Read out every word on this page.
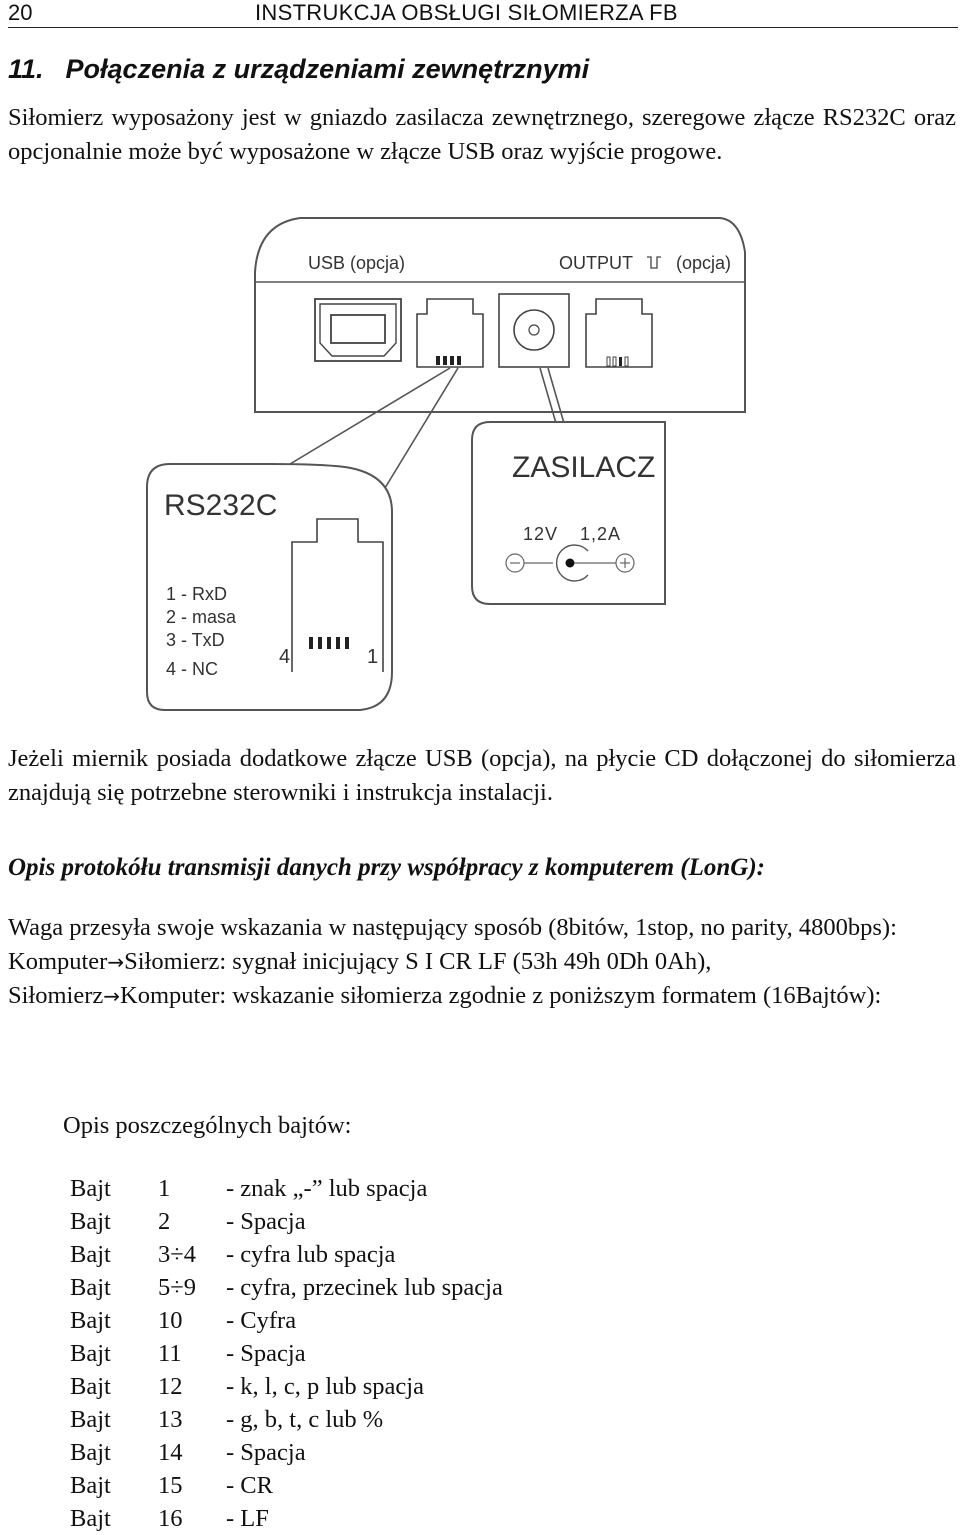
20	INSTRUKCJA OBSŁUGI SIŁOMIERZA FB
11. Połączenia z urządzeniami zewnętrznymi
Siłomierz wyposażony jest w gniazdo zasilacza zewnętrznego, szeregowe złącze RS232C oraz opcjonalnie może być wyposażone w złącze USB oraz wyjście progowe.
USB (opcja)	OUTPUT (opcja)
RS232C
1 - RxD
2 - masa
3 - TxD
4 - NC
4	1
ZASILACZ
12V 1,2A
Jeżeli miernik posiada dodatkowe złącze USB (opcja), na płycie CD dołączonej do siłomierza znajdują się potrzebne sterowniki i instrukcja instalacji.
Opis protokółu transmisji danych przy współpracy z komputerem (LonG):
Waga przesyła swoje wskazania w następujący sposób (8bitów, 1stop, no parity, 4800bps):
Komputer→Siłomierz: sygnał inicjujący S I CR LF (53h 49h 0Dh 0Ah),
Siłomierz→Komputer: wskazanie siłomierza zgodnie z poniższym formatem (16Bajtów):
Opis poszczególnych bajtów:
Bajt 1 - znak „-” lub spacja
Bajt 2 - Spacja
Bajt 3÷4 - cyfra lub spacja
Bajt 5÷9 - cyfra, przecinek lub spacja
Bajt 10 - Cyfra
Bajt 11 - Spacja
Bajt 12 - k, l, c, p lub spacja
Bajt 13 - g, b, t, c lub %
Bajt 14 - Spacja
Bajt 15 - CR
Bajt 16 - LF
